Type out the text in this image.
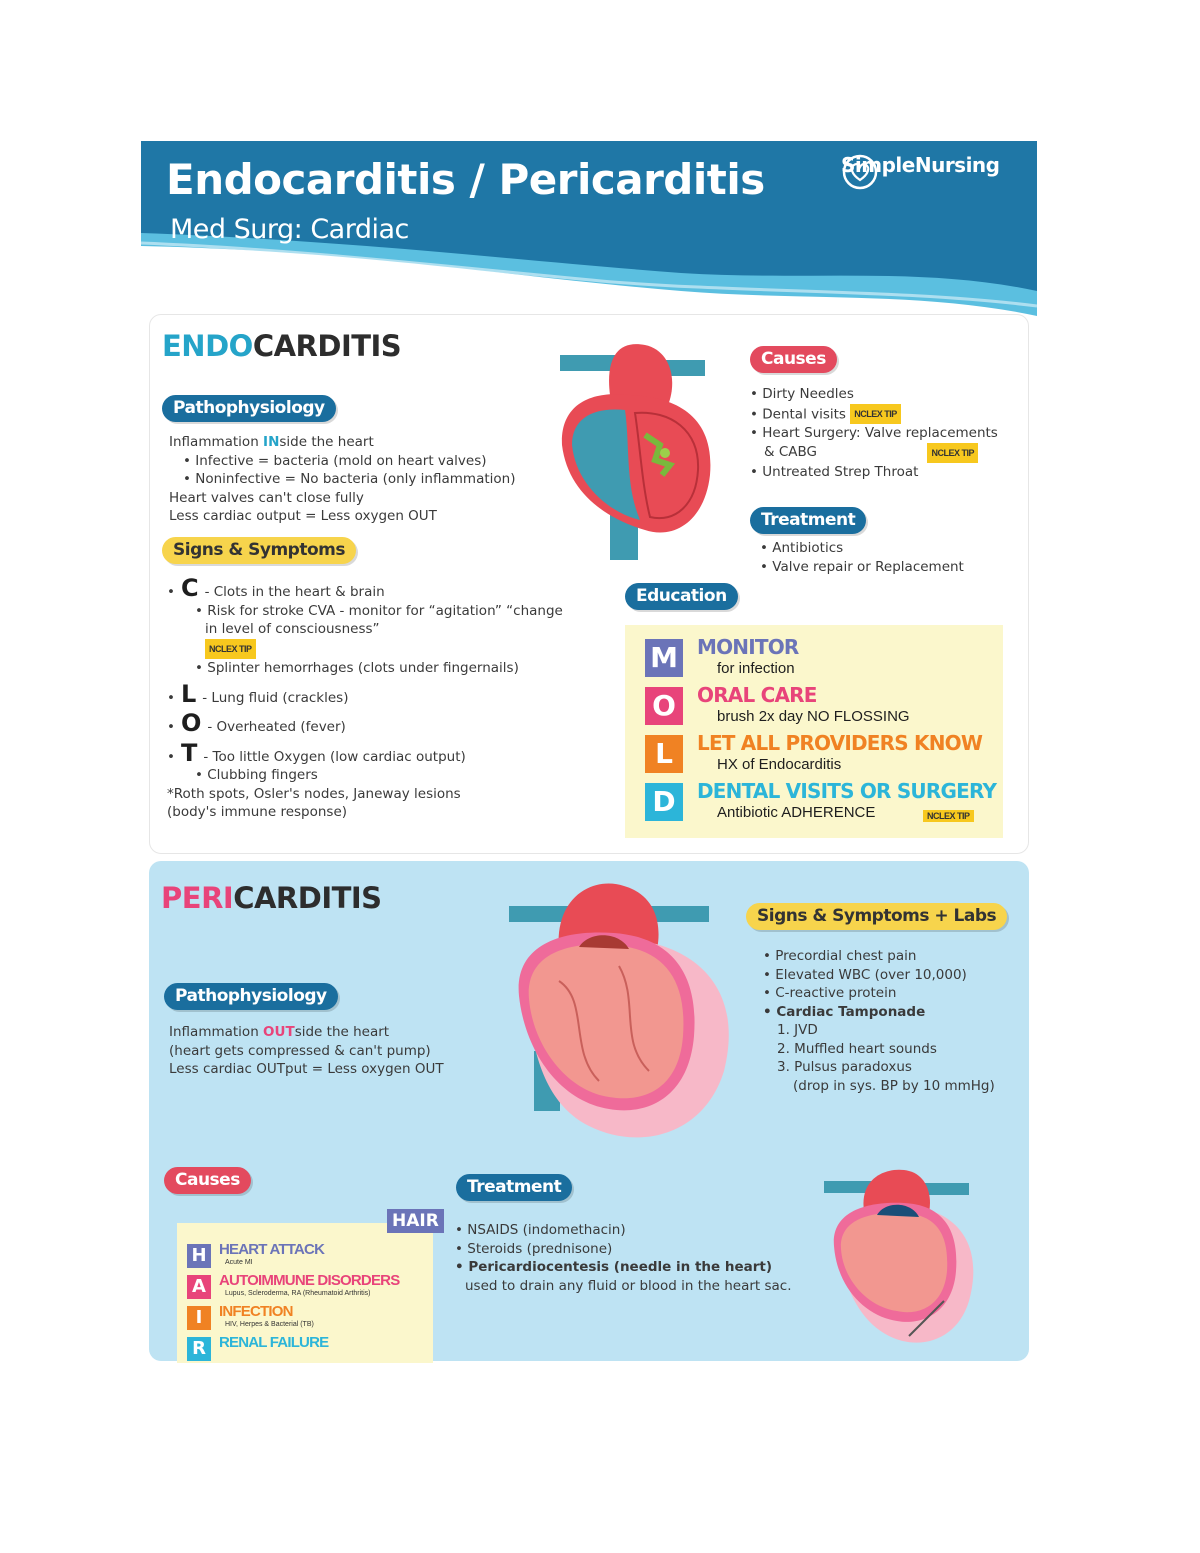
Endocarditis / Pericarditis
Med Surg: Cardiac
SimpleNursing
ENDOCARDITIS
Pathophysiology
Inflammation INside the heart
• Infective = bacteria (mold on heart valves)
• Noninfective = No bacteria (only inflammation)
Heart valves can't close fully
Less cardiac output = Less oxygen OUT
Signs & Symptoms
• C - Clots in the heart & brain
• Risk for stroke CVA - monitor for “agitation” “change
in level of consciousness”
NCLEX TIP
• Splinter hemorrhages (clots under fingernails)
• L - Lung fluid (crackles)
• O - Overheated (fever)
• T - Too little Oxygen (low cardiac output)
• Clubbing fingers
*Roth spots, Osler's nodes, Janeway lesions
(body's immune response)
Causes
• Dirty Needles
• Dental visits NCLEX TIP
• Heart Surgery: Valve replacements
& CABG	NCLEX TIP
• Untreated Strep Throat
Treatment
• Antibiotics
• Valve repair or Replacement
Education
M MONITOR
for infection
O	ORAL CARE
brush 2x day NO FLOSSING
L	LET ALL PROVIDERS KNOW
HX of Endocarditis
D	DENTAL VISITS OR SURGERY
Antibiotic ADHERENCE	NCLEX TIP
PERICARDITIS
Pathophysiology
Inflammation OUTside the heart
(heart gets compressed & can't pump)
Less cardiac OUTput = Less oxygen OUT
Signs & Symptoms + Labs
• Precordial chest pain
• Elevated WBC (over 10,000)
• C-reactive protein
• Cardiac Tamponade
1. JVD
2. Muffled heart sounds
3. Pulsus paradoxus
(drop in sys. BP by 10 mmHg)
Causes
HAIR
H HEART ATTACK
Acute MI
A AUTOIMMUNE DISORDERS
Lupus, Scleroderma, RA (Rheumatoid Arthritis)
I	INFECTION
HIV, Herpes & Bacterial (TB)
R RENAL FAILURE
Treatment
• NSAIDS (indomethacin)
• Steroids (prednisone)
• Pericardiocentesis (needle in the heart)
used to drain any fluid or blood in the heart sac.
